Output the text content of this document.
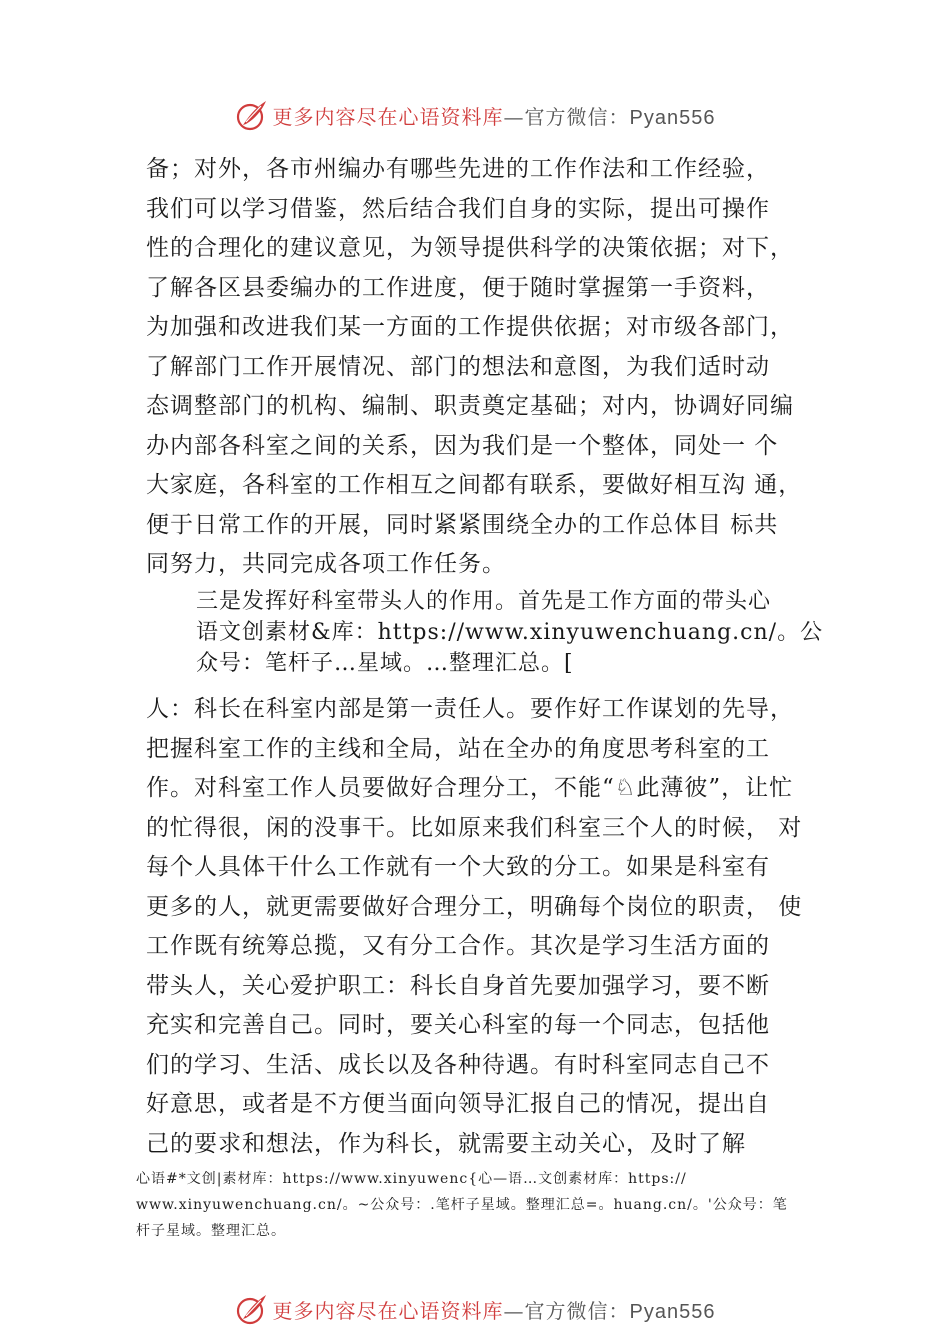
更多内容尽在心语资料库—官方微信：Pyan556
备；对外，各市州编办有哪些先进的工作作法和工作经验，
我们可以学习借鉴，然后结合我们自身的实际，提出可操作
性的合理化的建议意见，为领导提供科学的决策依据；对下，
了解各区县委编办的工作进度，便于随时掌握第一手资料，
为加强和改进我们某一方面的工作提供依据；对市级各部门，
了解部门工作开展情况、部门的想法和意图，为我们适时动
态调整部门的机构、编制、职责奠定基础；对内，协调好同编
办内部各科室之间的关系，因为我们是一个整体，同处一 个
大家庭，各科室的工作相互之间都有联系，要做好相互沟 通，
便于日常工作的开展，同时紧紧围绕全办的工作总体目 标共
同努力，共同完成各项工作任务。
三是发挥好科室带头人的作用。首先是工作方面的带头心
语文创素材&库：https://www.xinyuwenchuang.cn/。公
众号：笔杆子…星域。…整理汇总。[
人：科长在科室内部是第一责任人。要作好工作谋划的先导，
把握科室工作的主线和全局，站在全办的角度思考科室的工
作。对科室工作人员要做好合理分工，不能“♘此薄彼”，让忙
的忙得很，闲的没事干。比如原来我们科室三个人的时候， 对
每个人具体干什么工作就有一个大致的分工。如果是科室有
更多的人，就更需要做好合理分工，明确每个岗位的职责， 使
工作既有统筹总揽，又有分工合作。其次是学习生活方面的
带头人，关心爱护职工：科长自身首先要加强学习，要不断
充实和完善自己。同时，要关心科室的每一个同志，包括他
们的学习、生活、成长以及各种待遇。有时科室同志自己不
好意思，或者是不方便当面向领导汇报自己的情况，提出自
己的要求和想法，作为科长，就需要主动关心，及时了解
心语#*文创|素材库：https://www.xinyuwenc{心—语…文创素材库：https://
www.xinyuwenchuang.cn/。~公众号：.笔杆子星域。整理汇总=。huang.cn/。'公众号：笔
杆子星域。整理汇总。
更多内容尽在心语资料库—官方微信：Pyan556
